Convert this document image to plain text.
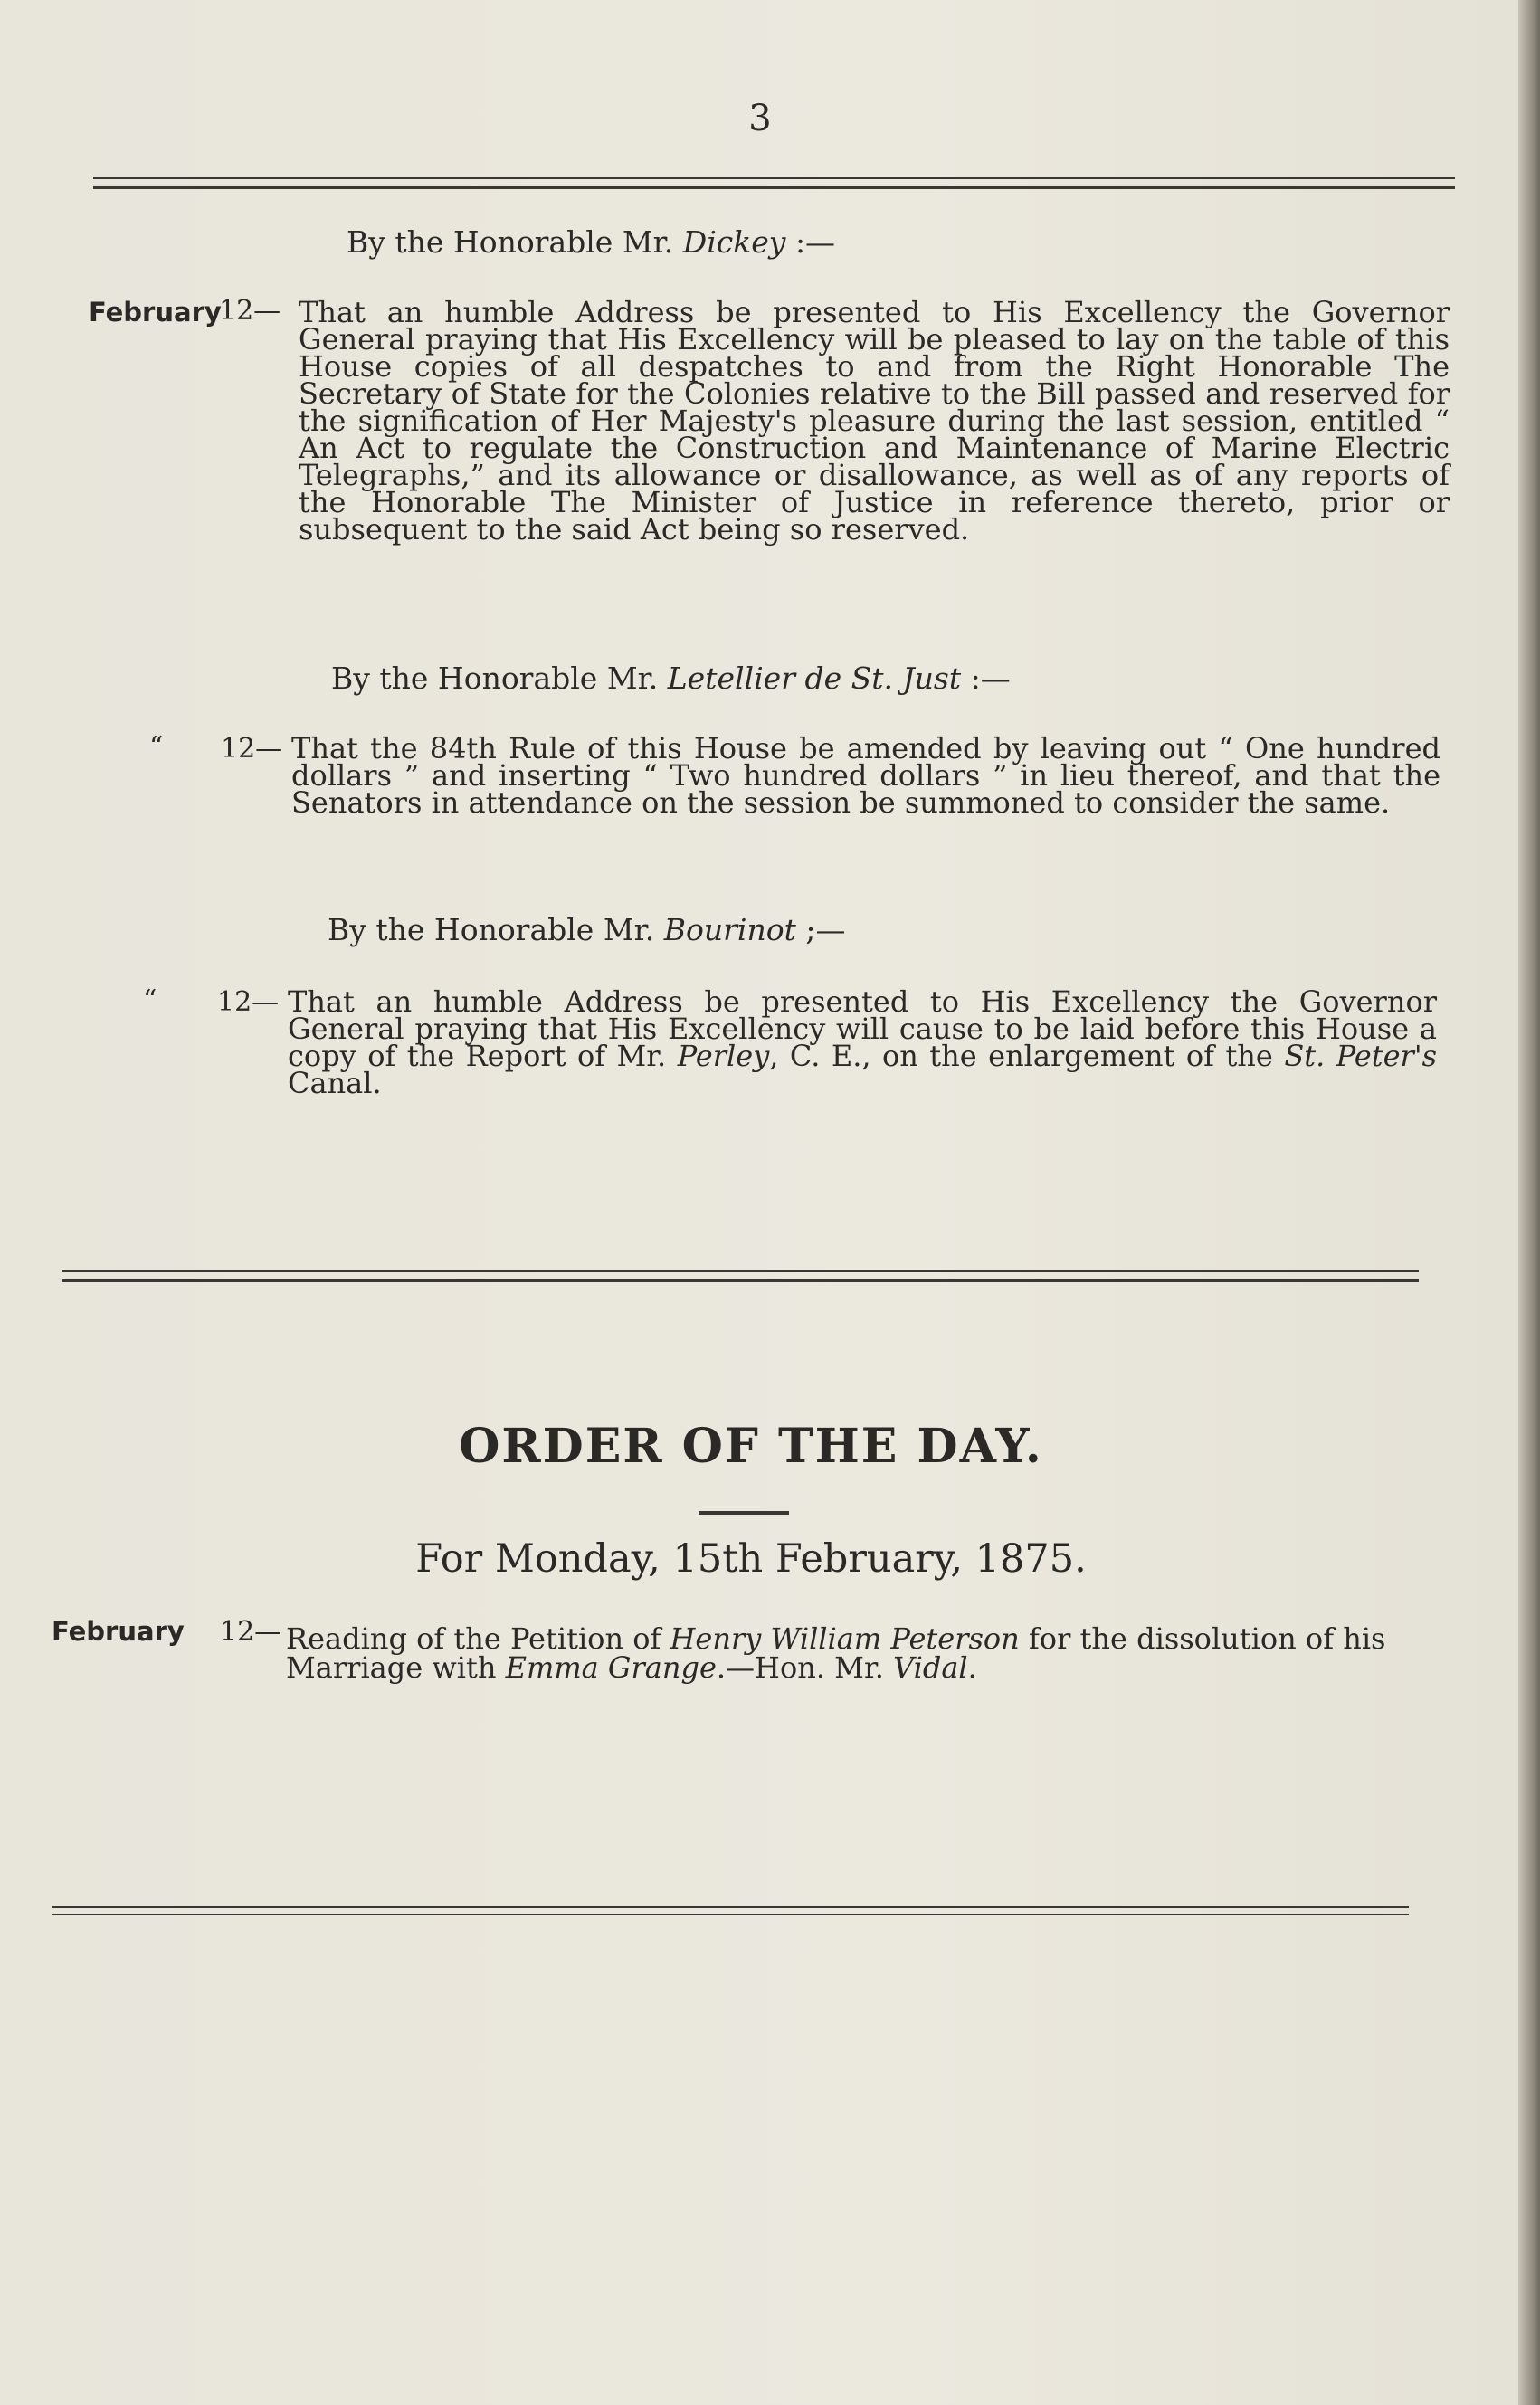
3
By the Honorable Mr. Dickey :—
February
12— That an humble Address be presented to His Excellency the Governor General praying that His Excellency will be pleased to lay on the table of this House copies of all despatches to and from the Right Honorable The Secretary of State for the Colonies relative to the Bill passed and reserved for the signification of Her Majesty's pleasure during the last session, entitled “ An Act to regulate the Construction and Maintenance of Marine Electric Telegraphs,” and its allowance or disallowance, as well as of any reports of the Honorable The Minister of Justice in reference thereto, prior or subsequent to the said Act being so reserved.

By the Honorable Mr. Letellier de St. Just :—
“ 12— That the 84th Rule of this House be amended by leaving out “ One hundred dollars ” and inserting “ Two hundred dollars ” in lieu thereof, and that the Senators in attendance on the session be summoned to consider the same.

By the Honorable Mr. Bourinot ;—
“ 12— That an humble Address be presented to His Excellency the Governor General praying that His Excellency will cause to be laid before this House a copy of the Report of Mr. Perley, C. E., on the enlargement of the St. Peter's Canal.

ORDER OF THE DAY.
For Monday, 15th February, 1875.
February 12— Reading of the Petition of Henry William Peterson for the dissolution of his Marriage with Emma Grange.—Hon. Mr. Vidal.
